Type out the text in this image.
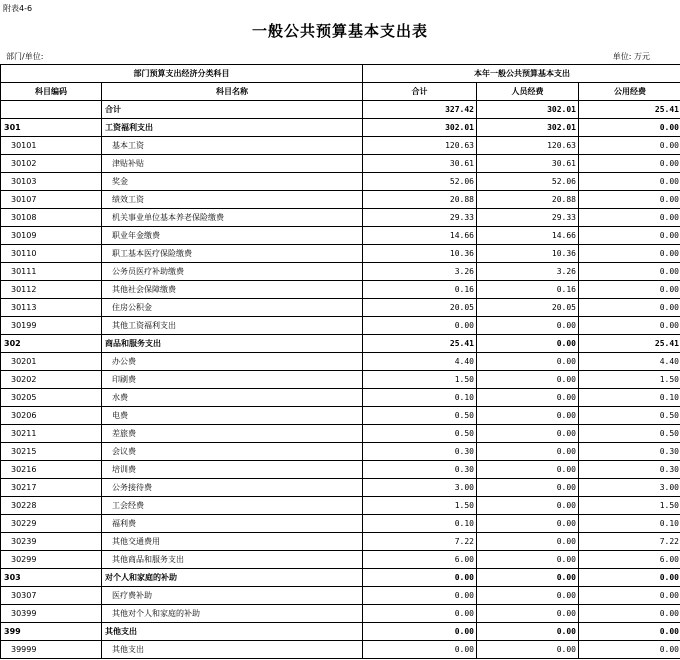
附表4-6
一般公共预算基本支出表
部门/单位:	单位: 万元
部门预算支出经济分类科目		本年一般公共预算基本支出		
科目编码	科目名称	合计	人员经费	公用经费
	合计	327.42	302.01	25.41
301	工资福利支出	302.01	302.01	0.00
30101	基本工资	120.63	120.63	0.00
30102	津贴补贴	30.61	30.61	0.00
30103	奖金	52.06	52.06	0.00
30107	绩效工资	20.88	20.88	0.00
30108	机关事业单位基本养老保险缴费	29.33	29.33	0.00
30109	职业年金缴费	14.66	14.66	0.00
30110	职工基本医疗保险缴费	10.36	10.36	0.00
30111	公务员医疗补助缴费	3.26	3.26	0.00
30112	其他社会保障缴费	0.16	0.16	0.00
30113	住房公积金	20.05	20.05	0.00
30199	其他工资福利支出	0.00	0.00	0.00
302	商品和服务支出	25.41	0.00	25.41
30201	办公费	4.40	0.00	4.40
30202	印刷费	1.50	0.00	1.50
30205	水费	0.10	0.00	0.10
30206	电费	0.50	0.00	0.50
30211	差旅费	0.50	0.00	0.50
30215	会议费	0.30	0.00	0.30
30216	培训费	0.30	0.00	0.30
30217	公务接待费	3.00	0.00	3.00
30228	工会经费	1.50	0.00	1.50
30229	福利费	0.10	0.00	0.10
30239	其他交通费用	7.22	0.00	7.22
30299	其他商品和服务支出	6.00	0.00	6.00
303	对个人和家庭的补助	0.00	0.00	0.00
30307	医疗费补助	0.00	0.00	0.00
30399	其他对个人和家庭的补助	0.00	0.00	0.00
399	其他支出	0.00	0.00	0.00
39999	其他支出	0.00	0.00	0.00
